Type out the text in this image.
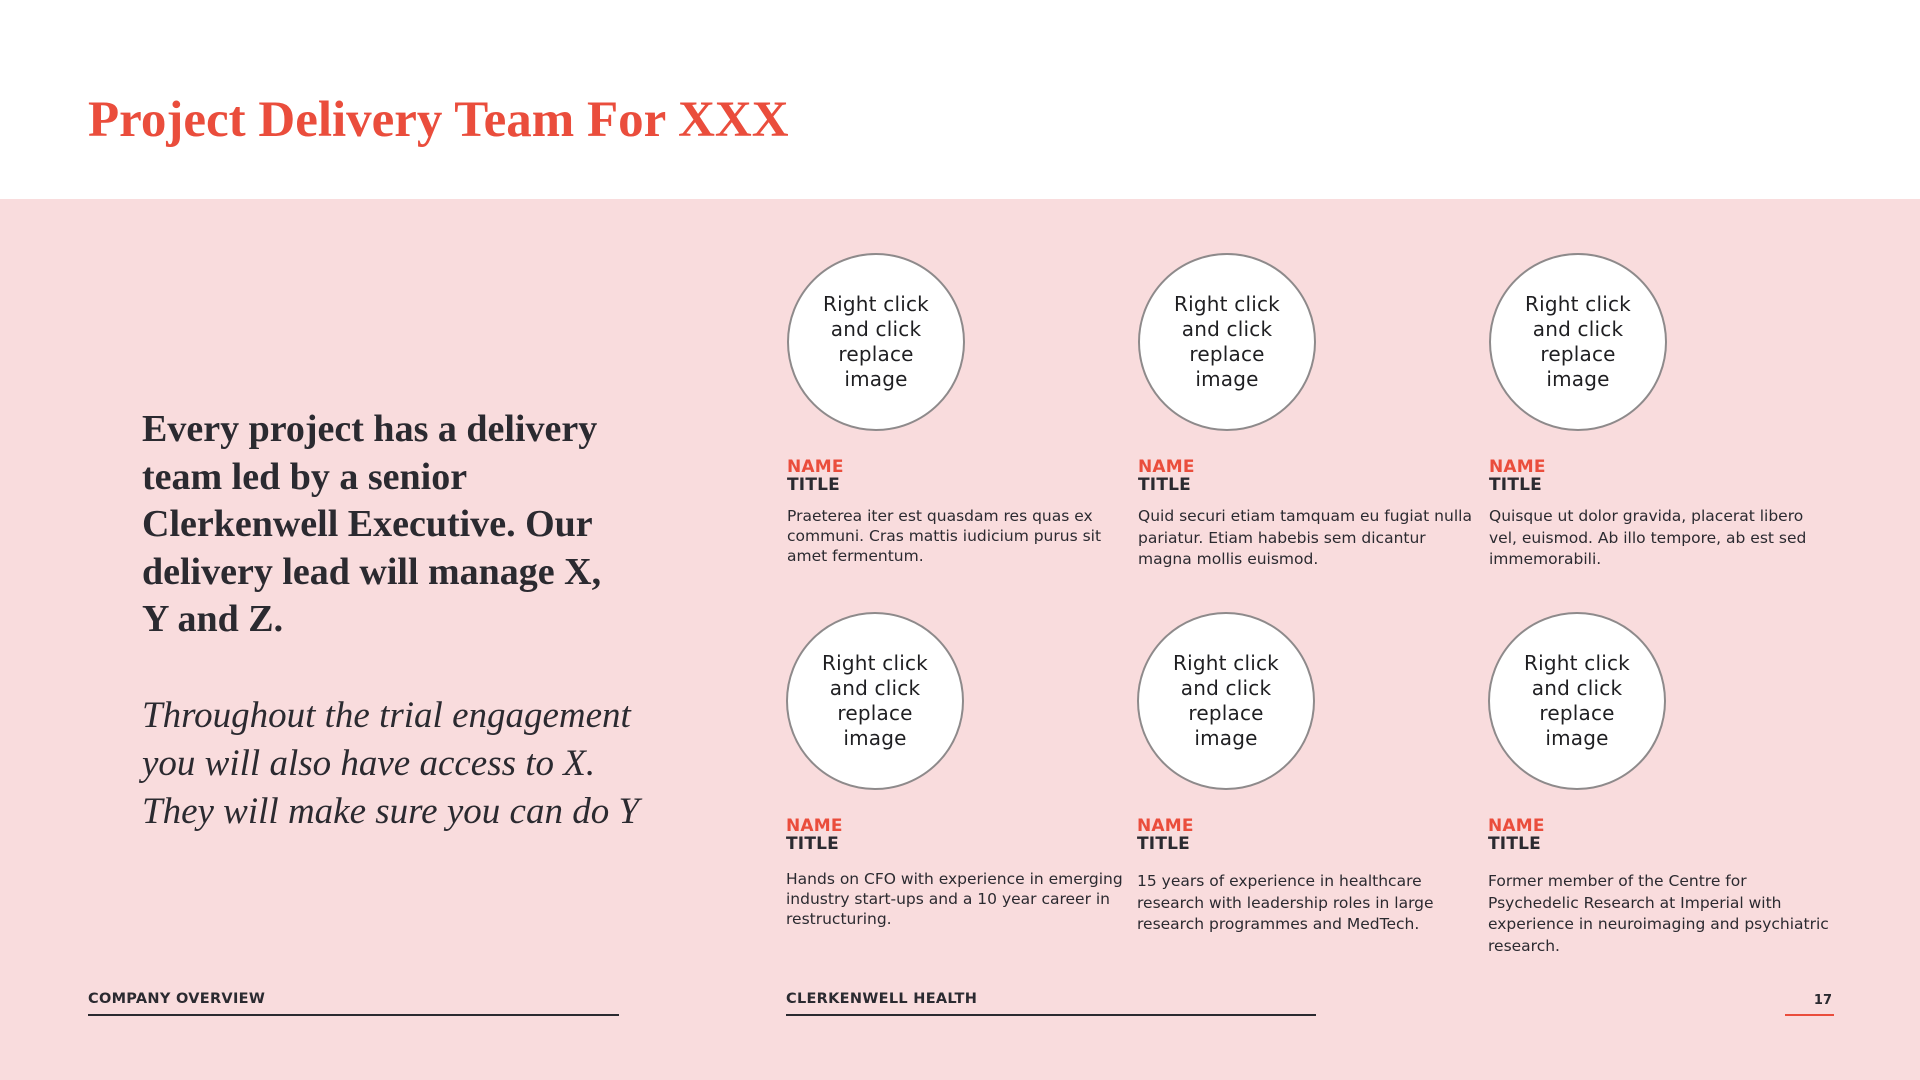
Project Delivery Team For XXX

Every project has a delivery team led by a senior Clerkenwell Executive. Our delivery lead will manage X, Y and Z.

Throughout the trial engagement you will also have access to X. They will make sure you can do Y

Right click and click replace image
NAME
TITLE
Praeterea iter est quasdam res quas ex communi. Cras mattis iudicium purus sit amet fermentum.
Right click and click replace image
NAME
TITLE
Quid securi etiam tamquam eu fugiat nulla pariatur. Etiam habebis sem dicantur magna mollis euismod.
Right click and click replace image
NAME
TITLE
Quisque ut dolor gravida, placerat libero vel, euismod. Ab illo tempore, ab est sed immemorabili.
Right click and click replace image
NAME
TITLE
Hands on CFO with experience in emerging industry start-ups and a 10 year career in restructuring.
Right click and click replace image
NAME
TITLE
15 years of experience in healthcare research with leadership roles in large research programmes and MedTech.
Right click and click replace image
NAME
TITLE
Former member of the Centre for Psychedelic Research at Imperial with experience in neuroimaging and psychiatric research.
COMPANY OVERVIEW	CLERKENWELL HEALTH	17
